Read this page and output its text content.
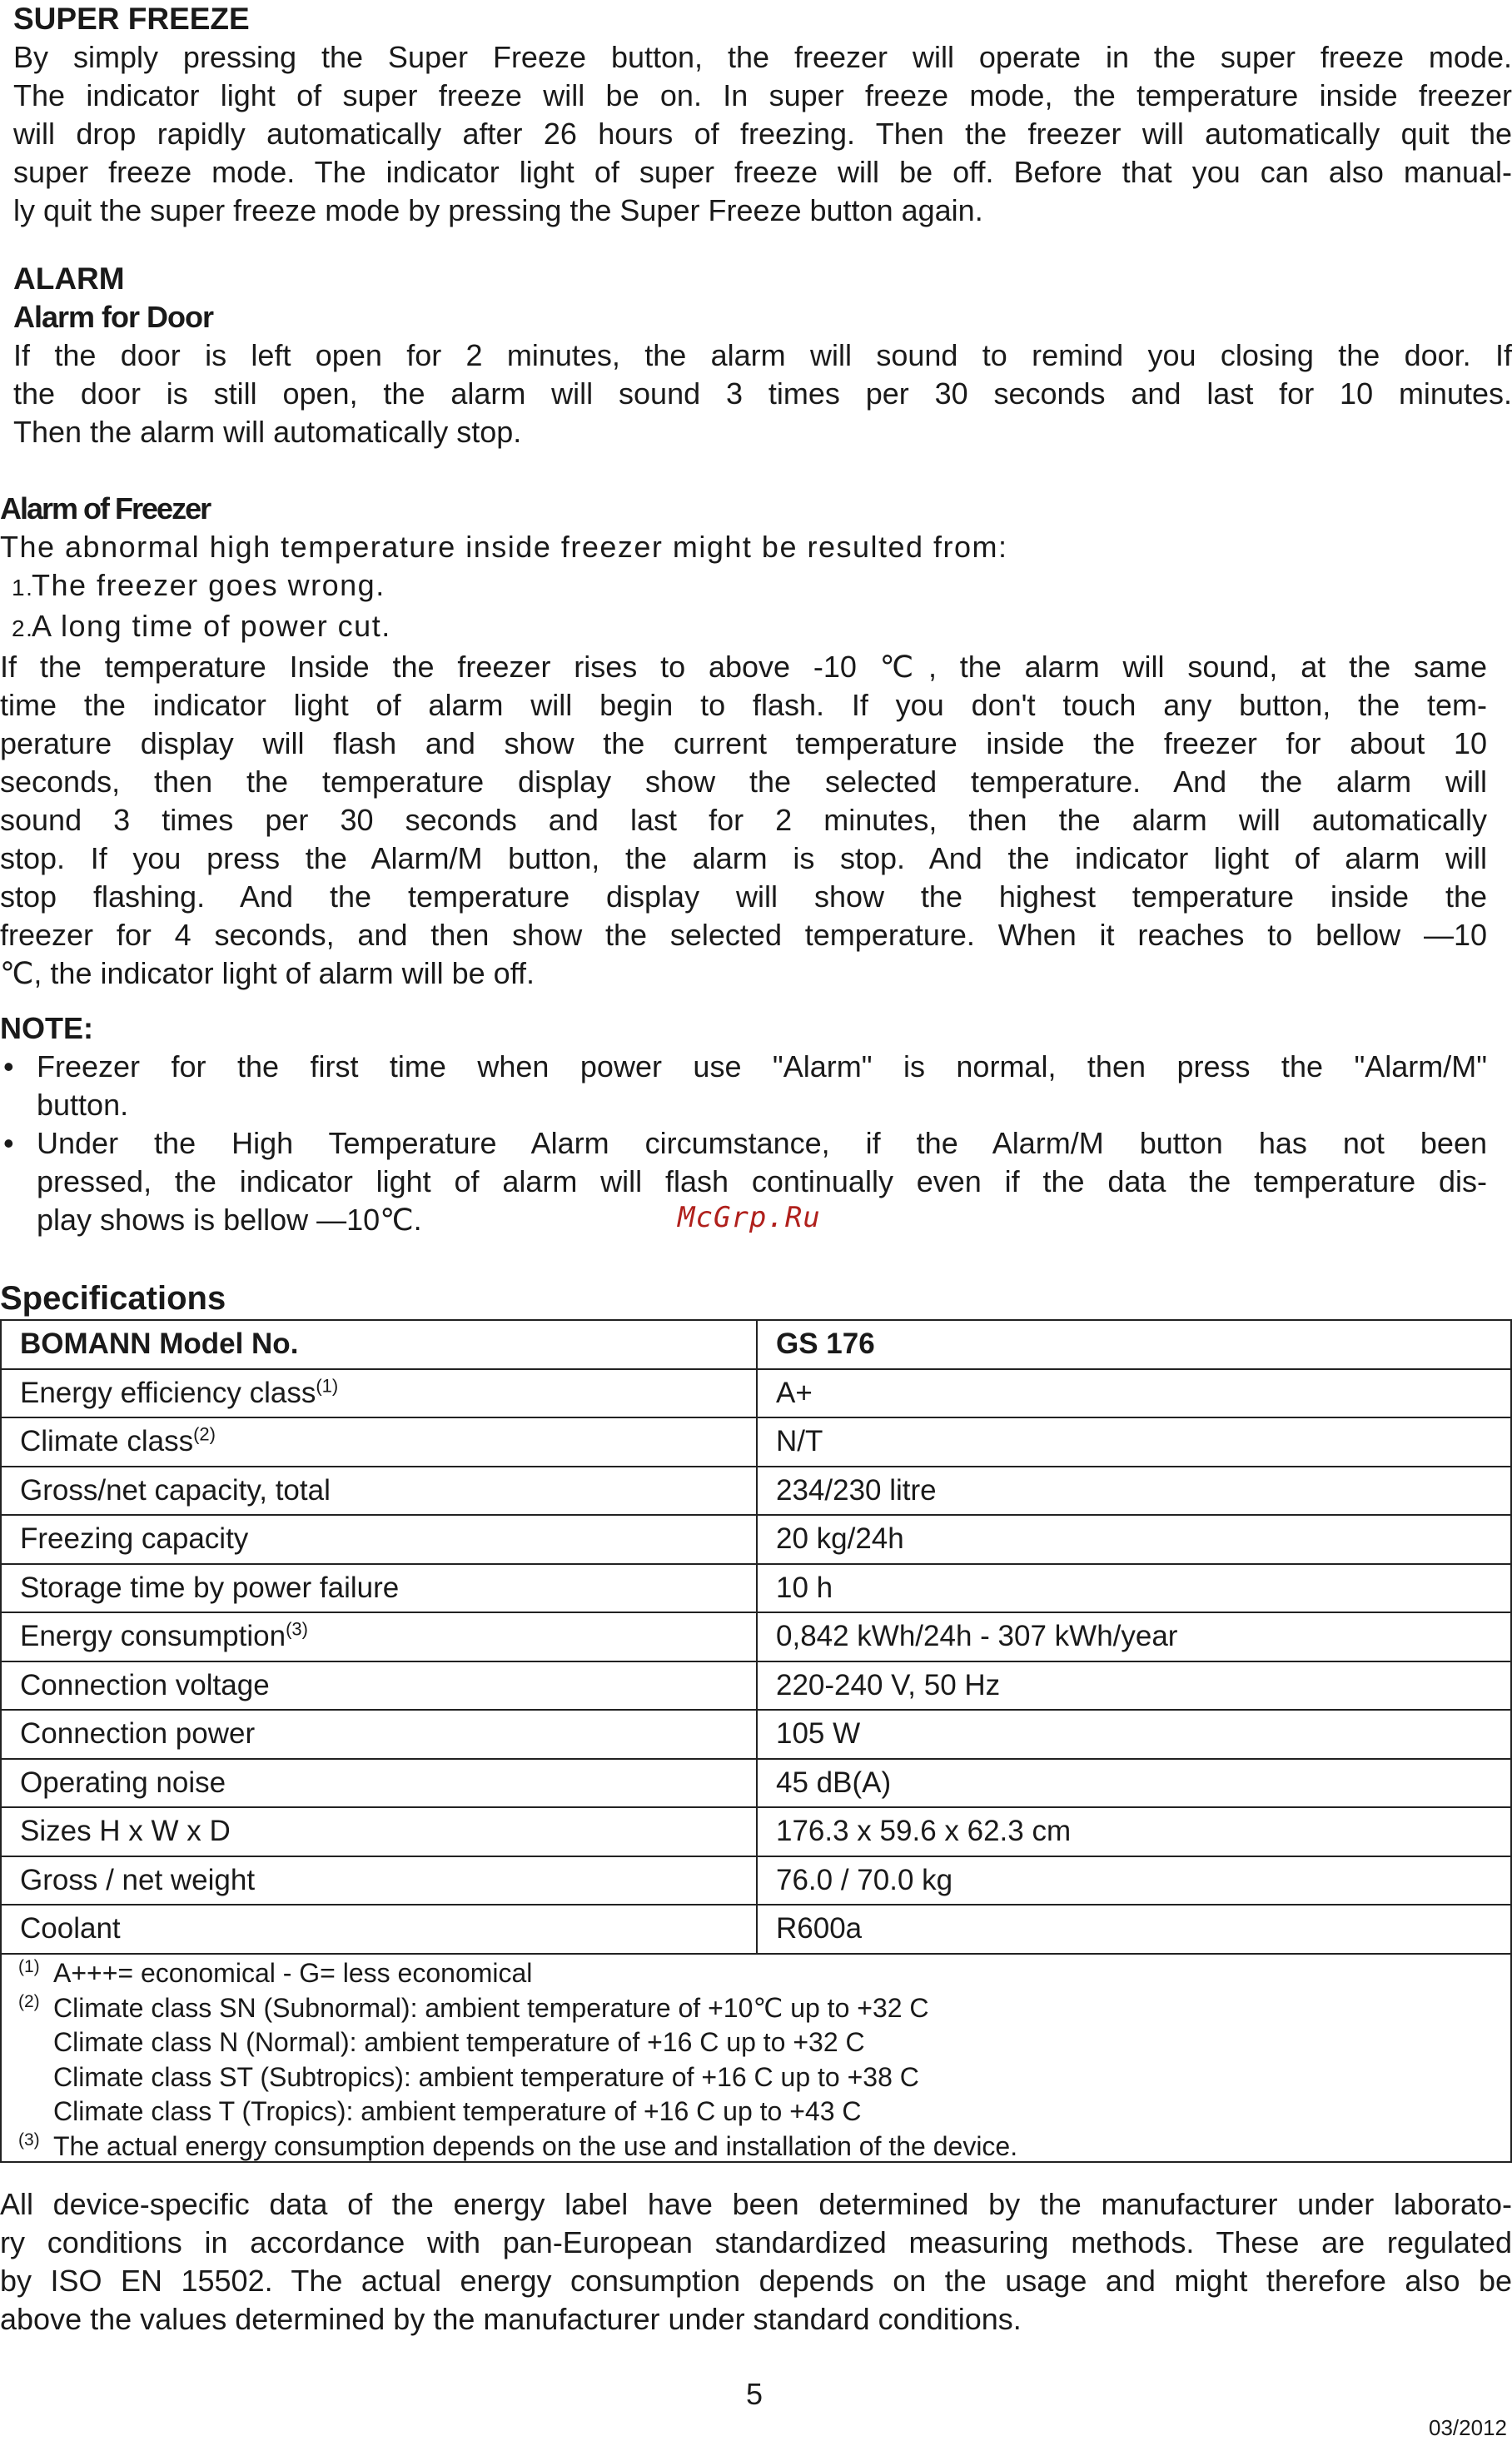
SUPER FREEZE
By simply pressing the Super Freeze button, the freezer will operate in the super freeze mode.
The indicator light of super freeze will be on. In super freeze mode, the temperature inside freezer
will drop rapidly automatically after 26 hours of freezing. Then the freezer will automatically quit the
super freeze mode. The indicator light of super freeze will be off. Before that you can also manual-
ly quit the super freeze mode by pressing the Super Freeze button again.
ALARM
Alarm for Door
If the door is left open for 2 minutes, the alarm will sound to remind you closing the door. If
the door is still open, the alarm will sound 3 times per 30 seconds and last for 10 minutes.
Then the alarm will automatically stop.
Alarm of Freezer
The abnormal high temperature inside freezer might be resulted from:
1.The freezer goes wrong.
2.A long time of power cut.
If the temperature Inside the freezer rises to above -10 ℃, the alarm will sound, at the same
time the indicator light of alarm will begin to flash. If you don't touch any button, the tem-
perature display will flash and show the current temperature inside the freezer for about 10
seconds, then the temperature display show the selected temperature. And the alarm will
sound 3 times per 30 seconds and last for 2 minutes, then the alarm will automatically
stop. If you press the Alarm/M button, the alarm is stop. And the indicator light of alarm will
stop flashing. And the temperature display will show the highest temperature inside the
freezer for 4 seconds, and then show the selected temperature. When it reaches to bellow —10
℃, the indicator light of alarm will be off.
NOTE:
• Freezer for the first time when power use "Alarm" is normal, then press the "Alarm/M"
button.
• Under the High Temperature Alarm circumstance, if the Alarm/M button has not been
pressed, the indicator light of alarm will flash continually even if the data the temperature dis-
play shows is bellow —10℃.	McGrp.Ru
Specifications
BOMANN Model No.	GS 176
Energy efficiency class$^{(1)}$	A+
Climate class$^{(2)}$	N/T
Gross/net capacity, total	234/230 litre
Freezing capacity	20 kg/24h
Storage time by power failure	10 h
Energy consumption$^{(3)}$	0,842 kWh/24h - 307 kWh/year
Connection voltage	220-240 V, 50 Hz
Connection power	105 W
Operating noise	45 dB(A)
Sizes H x W x D	176.3 x 59.6 x 62.3 cm
Gross / net weight	76.0 / 70.0 kg
Coolant	R600a
(1) A+++= economical - G= less economical
(2) Climate class SN (Subnormal): ambient temperature of +10℃ up to +32 C
Climate class N (Normal): ambient temperature of +16 C up to +32 C
Climate class ST (Subtropics): ambient temperature of +16 C up to +38 C
Climate class T (Tropics): ambient temperature of +16 C up to +43 C
(3) The actual energy consumption depends on the use and installation of the device.
All device-specific data of the energy label have been determined by the manufacturer under laborato-
ry conditions in accordance with pan-European standardized measuring methods. These are regulated
by ISO EN 15502. The actual energy consumption depends on the usage and might therefore also be
above the values determined by the manufacturer under standard conditions.
5
03/2012
